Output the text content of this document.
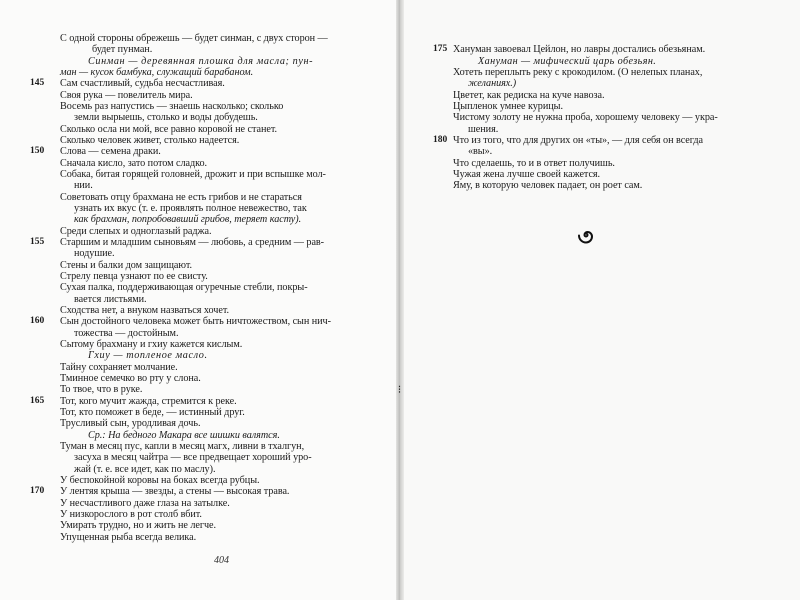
⁝
С одной стороны обрежешь — будет синман, с двух сторон —
будет пунман.
Синман — деревянная плошка для масла; пун-
ман — кусок бамбука, служащий барабаном.
145 Сам счастливый, судьба несчастливая.
Своя рука — повелитель мира.
Восемь раз напустись — знаешь насколько; сколько
земли вырыешь, столько и воды добудешь.
Сколько осла ни мой, все равно коровой не станет.
Сколько человек живет, столько надеется.
150 Слова — семена драки.
Сначала кисло, зато потом сладко.
Собака, битая горящей головней, дрожит и при вспышке мол-
нии.
Советовать отцу брахмана не есть грибов и не стараться
узнать их вкус (т. е. проявлять полное невежество, так
как брахман, попробовавший грибов, теряет касту).
Среди слепых и одноглазый раджа.
155 Старшим и младшим сыновьям — любовь, а средним — рав-
нодушие.
Стены и балки дом защищают.
Стрелу певца узнают по ее свисту.
Сухая палка, поддерживающая огуречные стебли, покры-
вается листьями.
Сходства нет, а внуком назваться хочет.
160 Сын достойного человека может быть ничтожеством, сын нич-
тожества — достойным.
Сытому брахману и гхиу кажется кислым.
Гхиу — топленое масло.
Тайну сохраняет молчание.
Тминное семечко во рту у слона.
То твое, что в руке.
165 Тот, кого мучит жажда, стремится к реке.
Тот, кто поможет в беде, — истинный друг.
Трусливый сын, уродливая дочь.
Ср.: На бедного Макара все шишки валятся.
Туман в месяц пус, капли в месяц магх, ливни в тхалгун,
засуха в месяц чайтра — все предвещает хороший уро-
жай (т. е. все идет, как по маслу).
У беспокойной коровы на боках всегда рубцы.
170 У лентяя крыша — звезды, а стены — высокая трава.
У несчастливого даже глаза на затылке.
У низкорослого в рот столб вбит.
Умирать трудно, но и жить не легче.
Упущенная рыба всегда велика.
404
175 Хануман завоевал Цейлон, но лавры достались обезьянам.
Хануман — мифический царь обезьян.
Хотеть переплыть реку с крокодилом. (О нелепых планах,
желаниях.)
Цветет, как редиска на куче навоза.
Цыпленок умнее курицы.
Чистому золоту не нужна проба, хорошему человеку — укра-
шения.
180 Что из того, что для других он «ты», — для себя он всегда
«вы».
Что сделаешь, то и в ответ получишь.
Чужая жена лучше своей кажется.
Яму, в которую человек падает, он роет сам.
